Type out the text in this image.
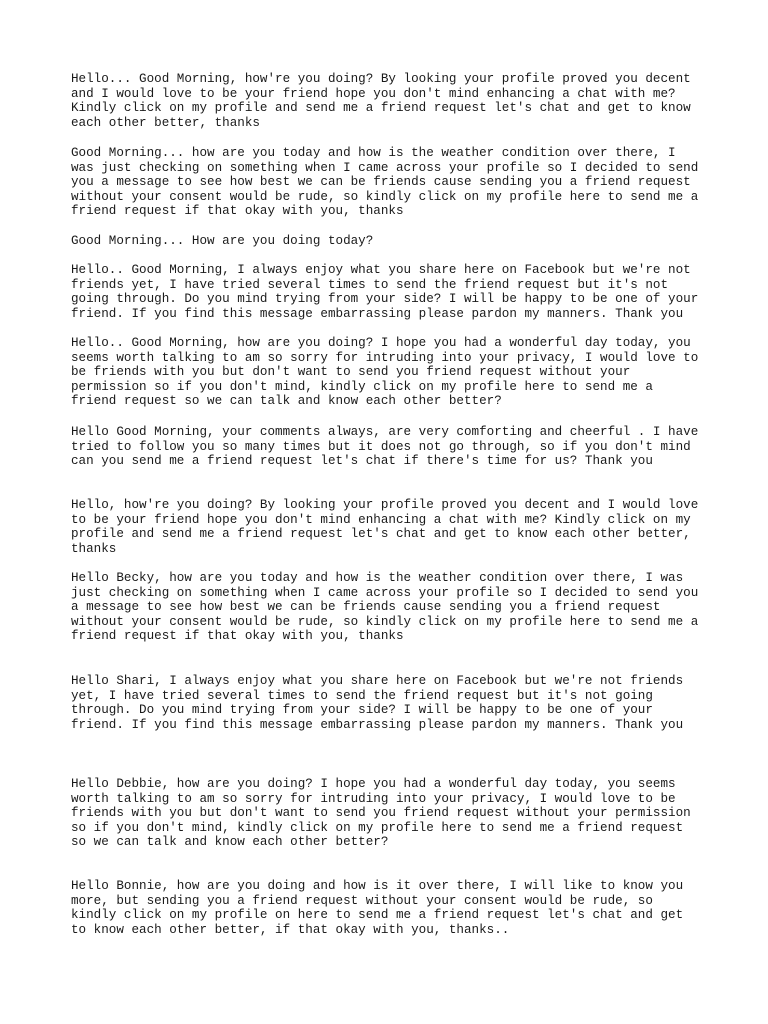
Hello... Good Morning, how're you doing? By looking your profile proved you decent
and I would love to be your friend hope you don't mind enhancing a chat with me?
Kindly click on my profile and send me a friend request let's chat and get to know
each other better, thanks

Good Morning... how are you today and how is the weather condition over there, I
was just checking on something when I came across your profile so I decided to send
you a message to see how best we can be friends cause sending you a friend request
without your consent would be rude, so kindly click on my profile here to send me a
friend request if that okay with you, thanks

Good Morning... How are you doing today?

Hello.. Good Morning, I always enjoy what you share here on Facebook but we're not
friends yet, I have tried several times to send the friend request but it's not
going through. Do you mind trying from your side? I will be happy to be one of your
friend. If you find this message embarrassing please pardon my manners. Thank you

Hello.. Good Morning, how are you doing? I hope you had a wonderful day today, you
seems worth talking to am so sorry for intruding into your privacy, I would love to
be friends with you but don't want to send you friend request without your
permission so if you don't mind, kindly click on my profile here to send me a
friend request so we can talk and know each other better?

Hello Good Morning, your comments always, are very comforting and cheerful . I have
tried to follow you so many times but it does not go through, so if you don't mind
can you send me a friend request let's chat if there's time for us? Thank you

Hello, how're you doing? By looking your profile proved you decent and I would love
to be your friend hope you don't mind enhancing a chat with me? Kindly click on my
profile and send me a friend request let's chat and get to know each other better,
thanks

Hello Becky, how are you today and how is the weather condition over there, I was
just checking on something when I came across your profile so I decided to send you
a message to see how best we can be friends cause sending you a friend request
without your consent would be rude, so kindly click on my profile here to send me a
friend request if that okay with you, thanks

Hello Shari, I always enjoy what you share here on Facebook but we're not friends
yet, I have tried several times to send the friend request but it's not going
through. Do you mind trying from your side? I will be happy to be one of your
friend. If you find this message embarrassing please pardon my manners. Thank you

Hello Debbie, how are you doing? I hope you had a wonderful day today, you seems
worth talking to am so sorry for intruding into your privacy, I would love to be
friends with you but don't want to send you friend request without your permission
so if you don't mind, kindly click on my profile here to send me a friend request
so we can talk and know each other better?

Hello Bonnie, how are you doing and how is it over there, I will like to know you
more, but sending you a friend request without your consent would be rude, so
kindly click on my profile on here to send me a friend request let's chat and get
to know each other better, if that okay with you, thanks..
